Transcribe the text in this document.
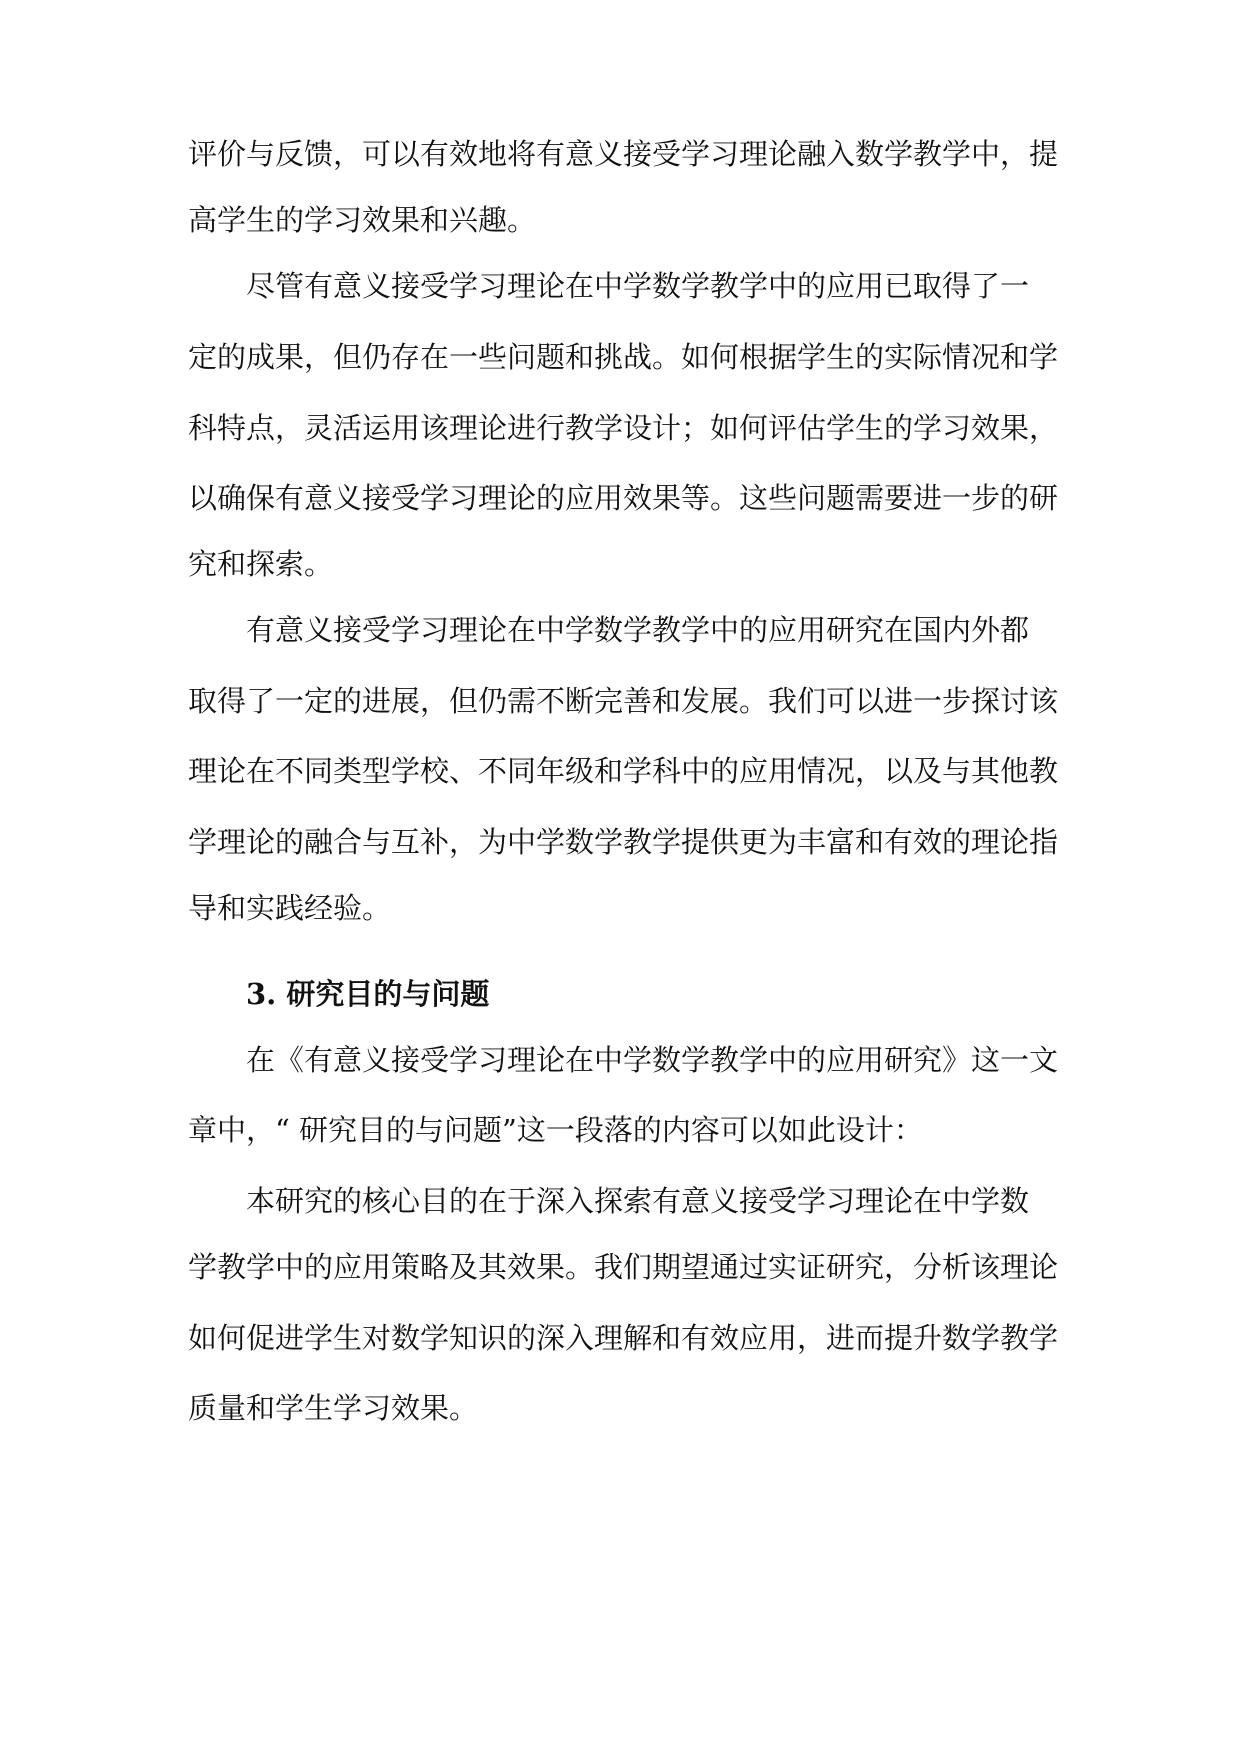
评价与反馈，可以有效地将有意义接受学习理论融入数学教学中，提
高学生的学习效果和兴趣。
尽管有意义接受学习理论在中学数学教学中的应用已取得了一
定的成果，但仍存在一些问题和挑战。如何根据学生的实际情况和学
科特点，灵活运用该理论进行教学设计；如何评估学生的学习效果，
以确保有意义接受学习理论的应用效果等。这些问题需要进一步的研
究和探索。
有意义接受学习理论在中学数学教学中的应用研究在国内外都
取得了一定的进展，但仍需不断完善和发展。我们可以进一步探讨该
理论在不同类型学校、不同年级和学科中的应用情况，以及与其他教
学理论的融合与互补，为中学数学教学提供更为丰富和有效的理论指
导和实践经验。
3. 研究目的与问题
在《有意义接受学习理论在中学数学教学中的应用研究》这一文
章中，“ 研究目的与问题”这一段落的内容可以如此设计：
本研究的核心目的在于深入探索有意义接受学习理论在中学数
学教学中的应用策略及其效果。我们期望通过实证研究，分析该理论
如何促进学生对数学知识的深入理解和有效应用，进而提升数学教学
质量和学生学习效果。
